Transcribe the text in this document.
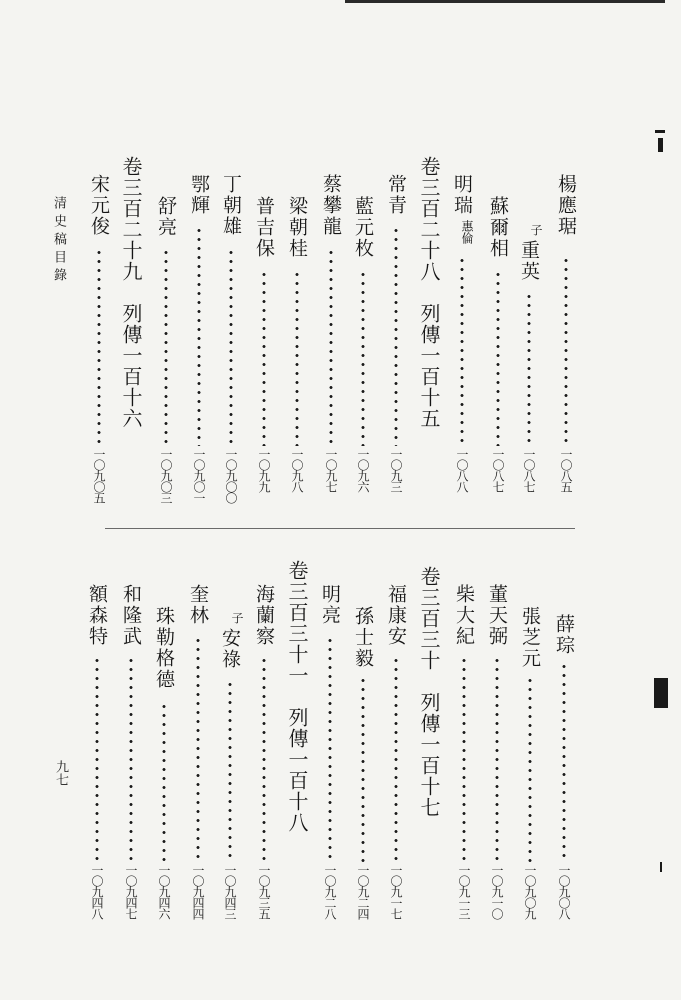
楊應琚
一〇八五
子
重英
一〇八七
蘇爾相
一〇八七
明瑞
惠倫
一〇八八
卷三百二十八　列傳一百十五
常青
一〇九三
藍元枚
一〇九六
蔡攀龍
一〇九七
梁朝桂
一〇九八
普吉保
一〇九九
丁朝雄
一〇九〇〇
鄂輝
一〇九〇一
舒亮
一〇九〇三
卷三百二十九　列傳一百十六
宋元俊
一〇九〇五
薛琮
一〇九〇八
張芝元
一〇九〇九
董天弼
一〇九一〇
柴大紀
一〇九一三
卷三百三十　列傳一百十七
福康安
一〇九一七
孫士毅
一〇九二四
明亮
一〇九二八
卷三百三十一　列傳一百十八
海蘭察
一〇九三五
子
安祿
一〇九四三
奎林
一〇九四四
珠勒格德
一〇九四六
和隆武
一〇九四七
額森特
一〇九四八
清史稿目錄
九七
